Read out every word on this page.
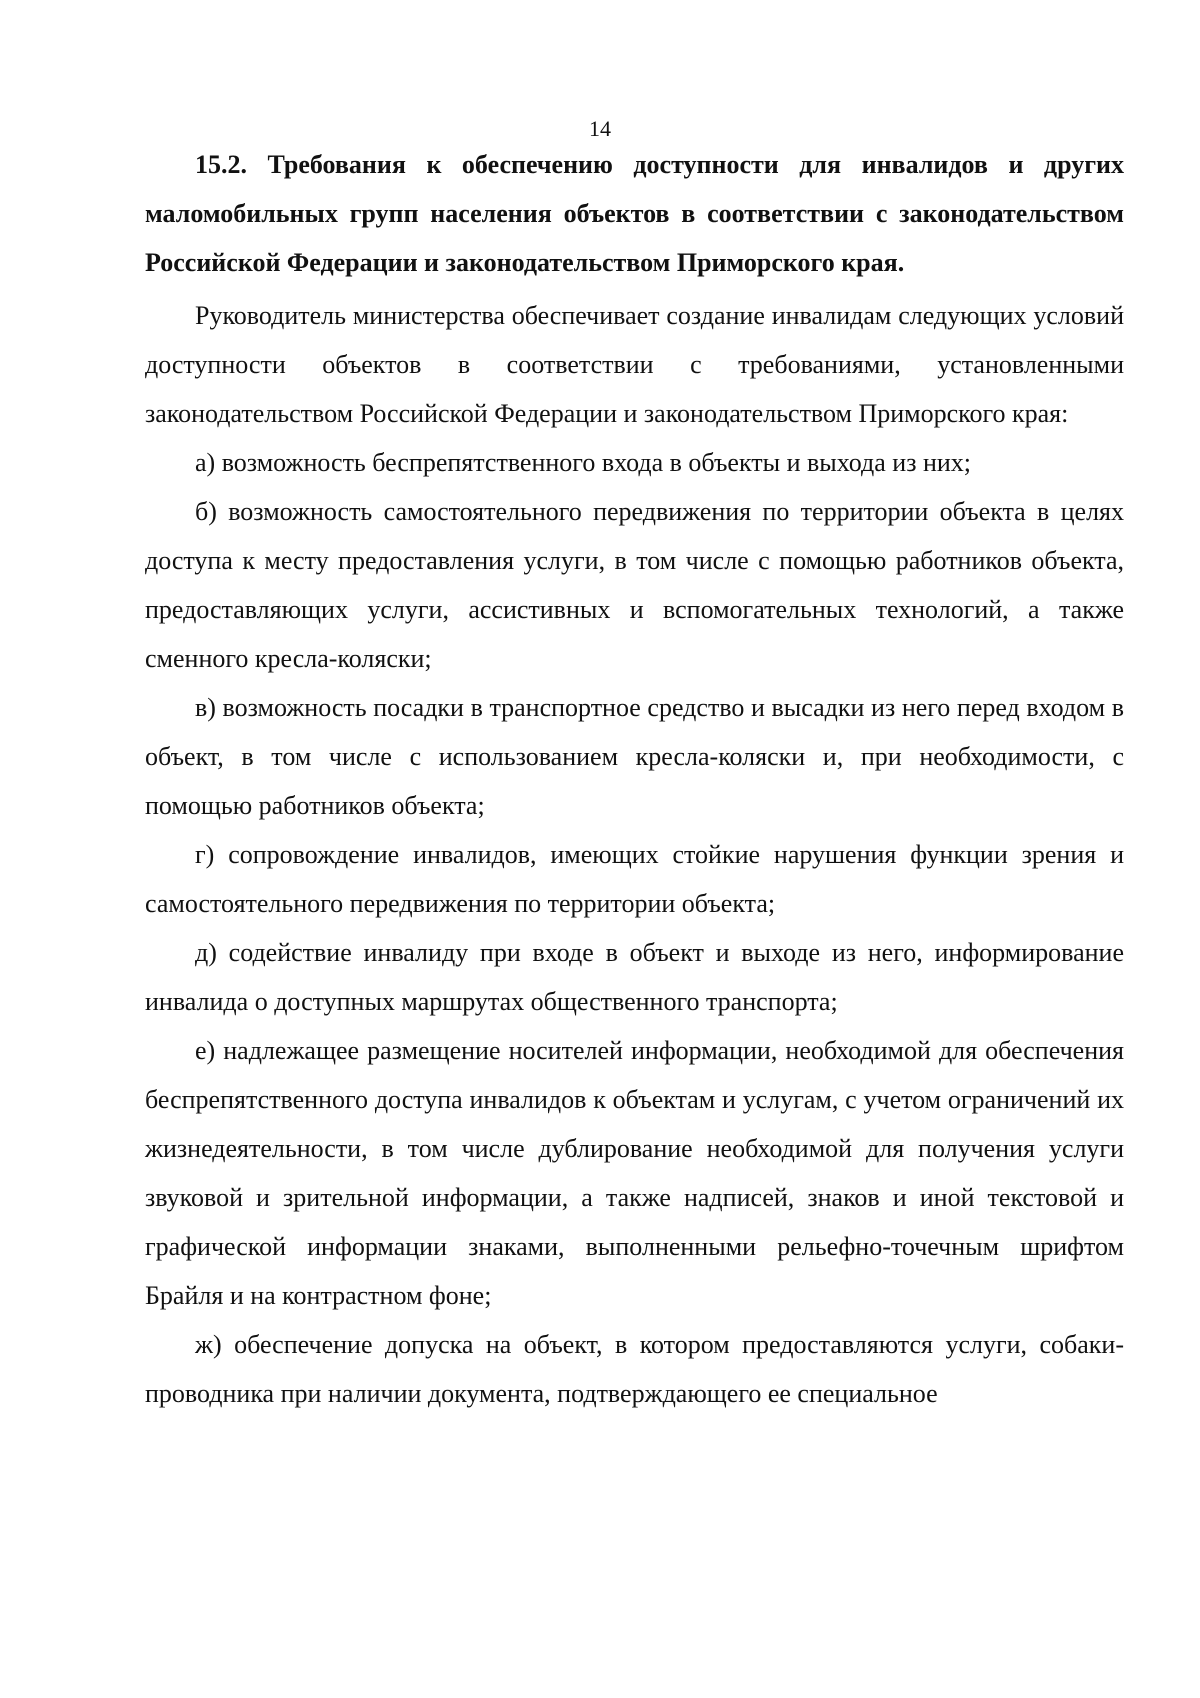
14

15.2. Требования к обеспечению доступности для инвалидов и других маломобильных групп населения объектов в соответствии с законодательством Российской Федерации и законодательством Приморского края.

Руководитель министерства обеспечивает создание инвалидам следующих условий доступности объектов в соответствии с требованиями, установленными законодательством Российской Федерации и законодательством Приморского края:

а) возможность беспрепятственного входа в объекты и выхода из них;

б) возможность самостоятельного передвижения по территории объекта в целях доступа к месту предоставления услуги, в том числе с помощью работников объекта, предоставляющих услуги, ассистивных и вспомогательных технологий, а также сменного кресла-коляски;

в) возможность посадки в транспортное средство и высадки из него перед входом в объект, в том числе с использованием кресла-коляски и, при необходимости, с помощью работников объекта;

г) сопровождение инвалидов, имеющих стойкие нарушения функции зрения и самостоятельного передвижения по территории объекта;

д) содействие инвалиду при входе в объект и выходе из него, информирование инвалида о доступных маршрутах общественного транспорта;

е) надлежащее размещение носителей информации, необходимой для обеспечения беспрепятственного доступа инвалидов к объектам и услугам, с учетом ограничений их жизнедеятельности, в том числе дублирование необходимой для получения услуги звуковой и зрительной информации, а также надписей, знаков и иной текстовой и графической информации знаками, выполненными рельефно-точечным шрифтом Брайля и на контрастном фоне;

ж) обеспечение допуска на объект, в котором предоставляются услуги, собаки-проводника при наличии документа, подтверждающего ее специальное
